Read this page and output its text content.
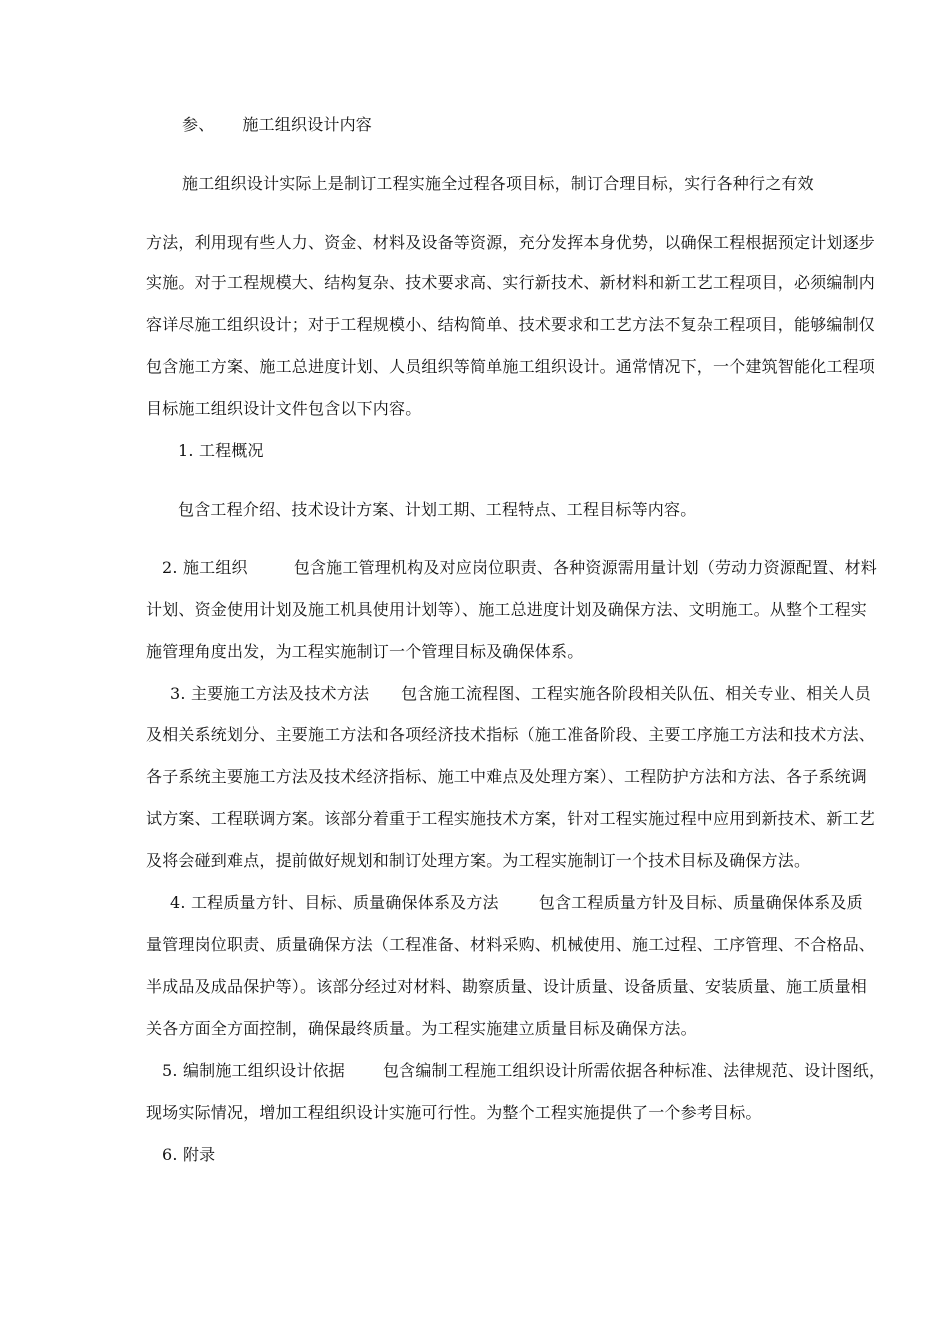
参、 施工组织设计内容
施工组织设计实际上是制订工程实施全过程各项目标，制订合理目标，实行各种行之有效
方法，利用现有些人力、资金、材料及设备等资源，充分发挥本身优势，以确保工程根据预定计划逐步
实施。对于工程规模大、结构复杂、技术要求高、实行新技术、新材料和新工艺工程项目，必须编制内
容详尽施工组织设计；对于工程规模小、结构简单、技术要求和工艺方法不复杂工程项目，能够编制仅
包含施工方案、施工总进度计划、人员组织等简单施工组织设计。通常情况下，一个建筑智能化工程项
目标施工组织设计文件包含以下内容。
1. 工程概况
包含工程介绍、技术设计方案、计划工期、工程特点、工程目标等内容。
2. 施工组织	包含施工管理机构及对应岗位职责、各种资源需用量计划（劳动力资源配置、材料
计划、资金使用计划及施工机具使用计划等）、施工总进度计划及确保方法、文明施工。从整个工程实
施管理角度出发，为工程实施制订一个管理目标及确保体系。
3. 主要施工方法及技术方法 包含施工流程图、工程实施各阶段相关队伍、相关专业、相关人员
及相关系统划分、主要施工方法和各项经济技术指标（施工准备阶段、主要工序施工方法和技术方法、
各子系统主要施工方法及技术经济指标、施工中难点及处理方案）、工程防护方法和方法、各子系统调
试方案、工程联调方案。该部分着重于工程实施技术方案，针对工程实施过程中应用到新技术、新工艺
及将会碰到难点，提前做好规划和制订处理方案。为工程实施制订一个技术目标及确保方法。
4. 工程质量方针、目标、质量确保体系及方法	包含工程质量方针及目标、质量确保体系及质
量管理岗位职责、质量确保方法（工程准备、材料采购、机械使用、施工过程、工序管理、不合格品、
半成品及成品保护等）。该部分经过对材料、勘察质量、设计质量、设备质量、安装质量、施工质量相
关各方面全方面控制，确保最终质量。为工程实施建立质量目标及确保方法。
5. 编制施工组织设计依据 包含编制工程施工组织设计所需依据各种标准、法律规范、设计图纸，
现场实际情况，增加工程组织设计实施可行性。为整个工程实施提供了一个参考目标。
6. 附录
